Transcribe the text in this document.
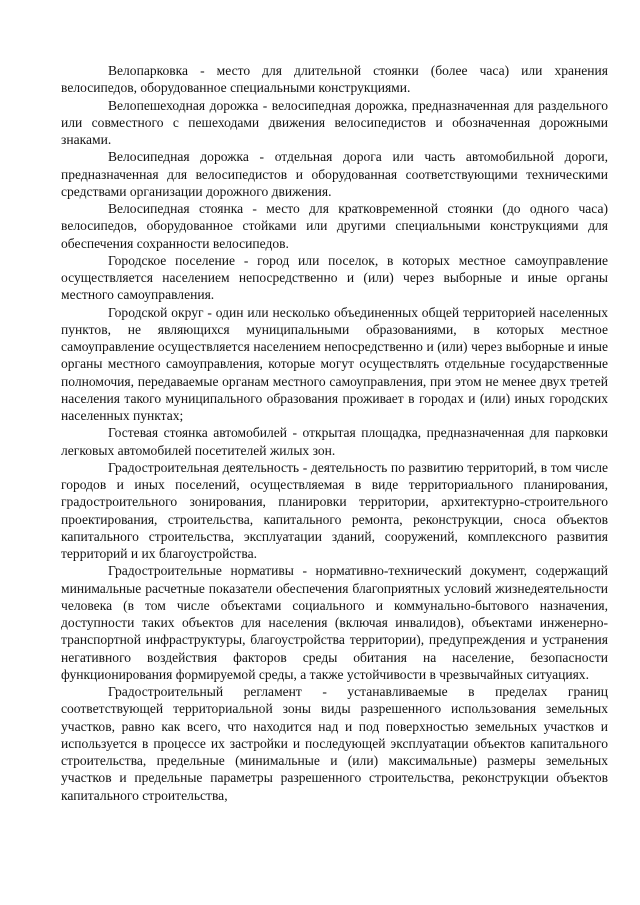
Велопарковка - место для длительной стоянки (более часа) или хранения велосипедов, оборудованное специальными конструкциями.

Велопешеходная дорожка - велосипедная дорожка, предназначенная для раздельного или совместного с пешеходами движения велосипедистов и обозначенная дорожными знаками.

Велосипедная дорожка - отдельная дорога или часть автомобильной дороги, предназначенная для велосипедистов и оборудованная соответствующими техническими средствами организации дорожного движения.

Велосипедная стоянка - место для кратковременной стоянки (до одного часа) велосипедов, оборудованное стойками или другими специальными конструкциями для обеспечения сохранности велосипедов.

Городское поселение - город или поселок, в которых местное самоуправление осуществляется населением непосредственно и (или) через выборные и иные органы местного самоуправления.

Городской округ - один или несколько объединенных общей территорией населенных пунктов, не являющихся муниципальными образованиями, в которых местное самоуправление осуществляется населением непосредственно и (или) через выборные и иные органы местного самоуправления, которые могут осуществлять отдельные государственные полномочия, передаваемые органам местного самоуправления, при этом не менее двух третей населения такого муниципального образования проживает в городах и (или) иных городских населенных пунктах;

Гостевая стоянка автомобилей - открытая площадка, предназначенная для парковки легковых автомобилей посетителей жилых зон.

Градостроительная деятельность - деятельность по развитию территорий, в том числе городов и иных поселений, осуществляемая в виде территориального планирования, градостроительного зонирования, планировки территории, архитектурно-строительного проектирования, строительства, капитального ремонта, реконструкции, сноса объектов капитального строительства, эксплуатации зданий, сооружений, комплексного развития территорий и их благоустройства.

Градостроительные нормативы - нормативно-технический документ, содержащий минимальные расчетные показатели обеспечения благоприятных условий жизнедеятельности человека (в том числе объектами социального и коммунально-бытового назначения, доступности таких объектов для населения (включая инвалидов), объектами инженерно-транспортной инфраструктуры, благоустройства территории), предупреждения и устранения негативного воздействия факторов среды обитания на население, безопасности функционирования формируемой среды, а также устойчивости в чрезвычайных ситуациях.

Градостроительный регламент - устанавливаемые в пределах границ соответствующей территориальной зоны виды разрешенного использования земельных участков, равно как всего, что находится над и под поверхностью земельных участков и используется в процессе их застройки и последующей эксплуатации объектов капитального строительства, предельные (минимальные и (или) максимальные) размеры земельных участков и предельные параметры разрешенного строительства, реконструкции объектов капитального строительства,
